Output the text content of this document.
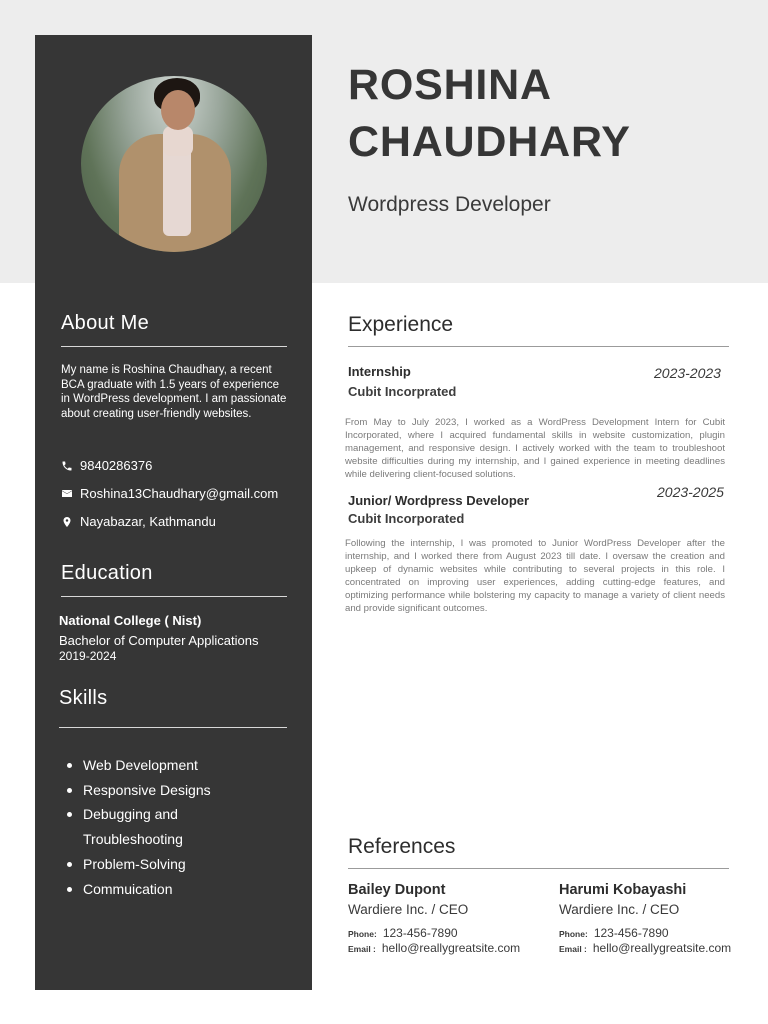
About Me
My name is Roshina Chaudhary, a recent BCA graduate with 1.5 years of experience in WordPress development. I am passionate about creating user-friendly websites.
9840286376
Roshina13Chaudhary@gmail.com
Nayabazar, Kathmandu
Education
National College ( Nist)
Bachelor of Computer Applications
2019-2024
Skills
Web Development
Responsive Designs
Debugging and
Troubleshooting
Problem-Solving
Commuication
ROSHINA
CHAUDHARY
Wordpress Developer
Experience
Internship	2023-2023
Cubit Incorprated

From May to July 2023, I worked as a WordPress Development Intern for Cubit Incorporated, where I acquired fundamental skills in website customization, plugin management, and responsive design. I actively worked with the team to troubleshoot website difficulties during my internship, and I gained experience in meeting deadlines while delivering client-focused solutions.

Junior/ Wordpress Developer
2023-2025
Cubit Incorporated

Following the internship, I was promoted to Junior WordPress Developer after the internship, and I worked there from August 2023 till date. I oversaw the creation and upkeep of dynamic websites while contributing to several projects in this role. I concentrated on improving user experiences, adding cutting-edge features, and optimizing performance while bolstering my capacity to manage a variety of client needs and provide significant outcomes.

References
Bailey Dupont
Wardiere Inc. / CEO
Phone: 123-456-7890
Email : hello@reallygreatsite.com
Harumi Kobayashi
Wardiere Inc. / CEO
Phone: 123-456-7890
Email : hello@reallygreatsite.com
